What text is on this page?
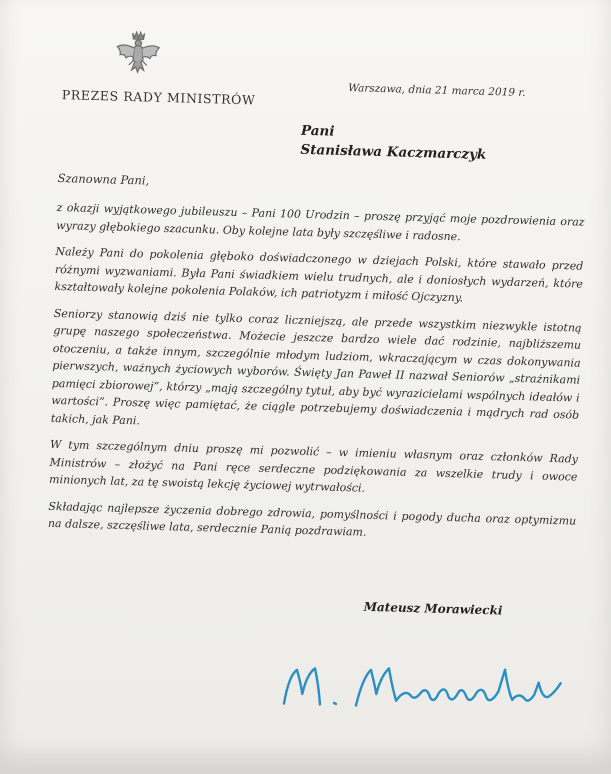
PREZES RADY MINISTRÓW	Warszawa, dnia 21 marca 2019 r.
Pani
Stanisława Kaczmarczyk
Szanowna Pani,

z okazji wyjątkowego jubileuszu – Pani 100 Urodzin – proszę przyjąć moje pozdrowienia oraz wyrazy głębokiego szacunku. Oby kolejne lata były szczęśliwe i radosne.

Należy Pani do pokolenia głęboko doświadczonego w dziejach Polski, które stawało przed różnymi wyzwaniami. Była Pani świadkiem wielu trudnych, ale i doniosłych wydarzeń, które kształtowały kolejne pokolenia Polaków, ich patriotyzm i miłość Ojczyzny.

Seniorzy stanowią dziś nie tylko coraz liczniejszą, ale przede wszystkim niezwykle istotną grupę naszego społeczeństwa. Możecie jeszcze bardzo wiele dać rodzinie, najbliższemu otoczeniu, a także innym, szczególnie młodym ludziom, wkraczającym w czas dokonywania pierwszych, ważnych życiowych wyborów. Święty Jan Paweł II nazwał Seniorów „strażnikami pamięci zbiorowej”, którzy „mają szczególny tytuł, aby być wyrazicielami wspólnych ideałów i wartości”. Proszę więc pamiętać, że ciągle potrzebujemy doświadczenia i mądrych rad osób takich, jak Pani.

W tym szczególnym dniu proszę mi pozwolić – w imieniu własnym oraz członków Rady Ministrów – złożyć na Pani ręce serdeczne podziękowania za wszelkie trudy i owoce minionych lat, za tę swoistą lekcję życiowej wytrwałości.

Składając najlepsze życzenia dobrego zdrowia, pomyślności i pogody ducha oraz optymizmu na dalsze, szczęśliwe lata, serdecznie Panią pozdrawiam.

Mateusz Morawiecki
